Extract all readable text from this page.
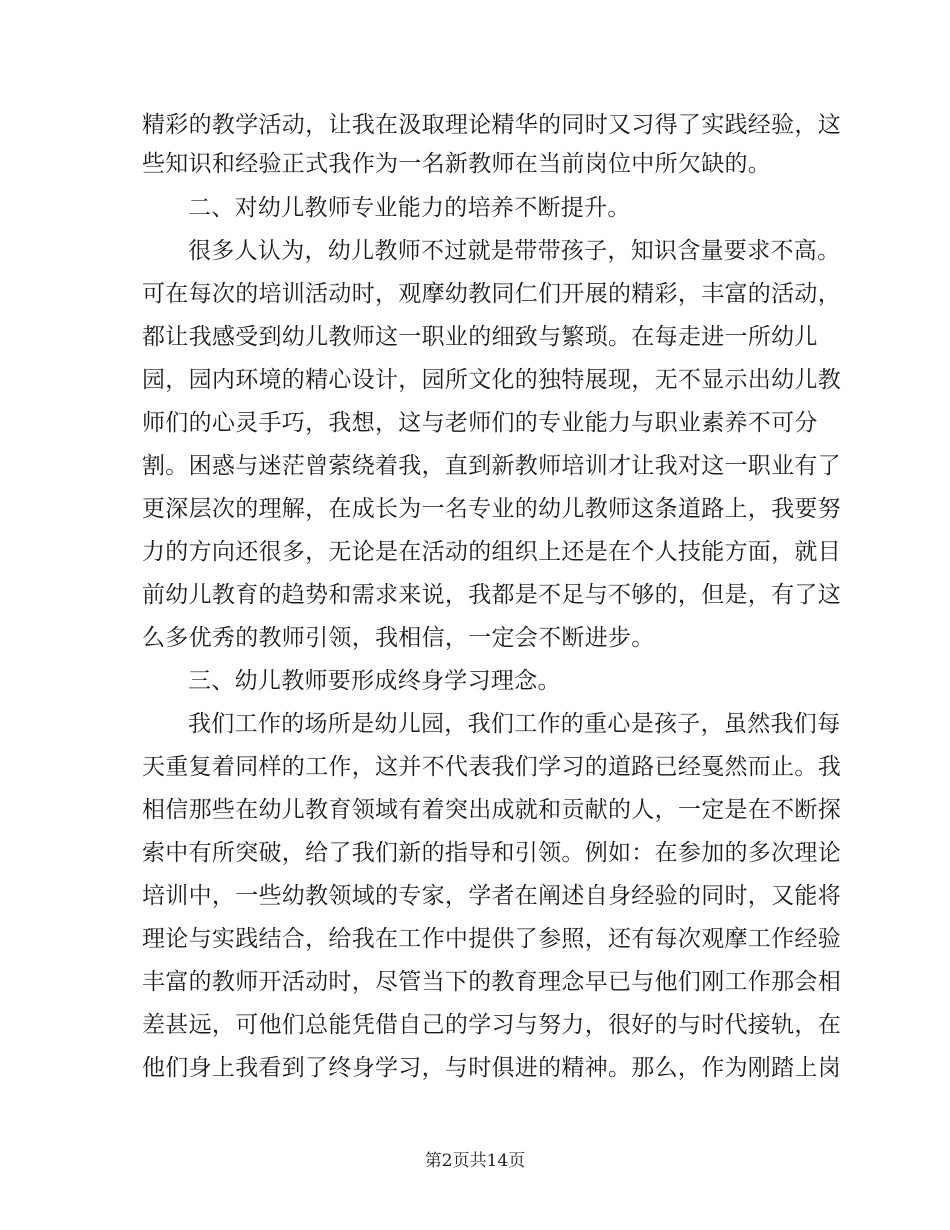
精彩的教学活动，让我在汲取理论精华的同时又习得了实践经验，这
些知识和经验正式我作为一名新教师在当前岗位中所欠缺的。
二、对幼儿教师专业能力的培养不断提升。
很多人认为，幼儿教师不过就是带带孩子，知识含量要求不高。
可在每次的培训活动时，观摩幼教同仁们开展的精彩，丰富的活动，
都让我感受到幼儿教师这一职业的细致与繁琐。在每走进一所幼儿
园，园内环境的精心设计，园所文化的独特展现，无不显示出幼儿教
师们的心灵手巧，我想，这与老师们的专业能力与职业素养不可分
割。困惑与迷茫曾萦绕着我，直到新教师培训才让我对这一职业有了
更深层次的理解，在成长为一名专业的幼儿教师这条道路上，我要努
力的方向还很多，无论是在活动的组织上还是在个人技能方面，就目
前幼儿教育的趋势和需求来说，我都是不足与不够的，但是，有了这
么多优秀的教师引领，我相信，一定会不断进步。
三、幼儿教师要形成终身学习理念。
我们工作的场所是幼儿园，我们工作的重心是孩子，虽然我们每
天重复着同样的工作，这并不代表我们学习的道路已经戛然而止。我
相信那些在幼儿教育领域有着突出成就和贡献的人，一定是在不断探
索中有所突破，给了我们新的指导和引领。例如：在参加的多次理论
培训中，一些幼教领域的专家，学者在阐述自身经验的同时，又能将
理论与实践结合，给我在工作中提供了参照，还有每次观摩工作经验
丰富的教师开活动时，尽管当下的教育理念早已与他们刚工作那会相
差甚远，可他们总能凭借自己的学习与努力，很好的与时代接轨，在
他们身上我看到了终身学习，与时俱进的精神。那么，作为刚踏上岗
第2页共14页
